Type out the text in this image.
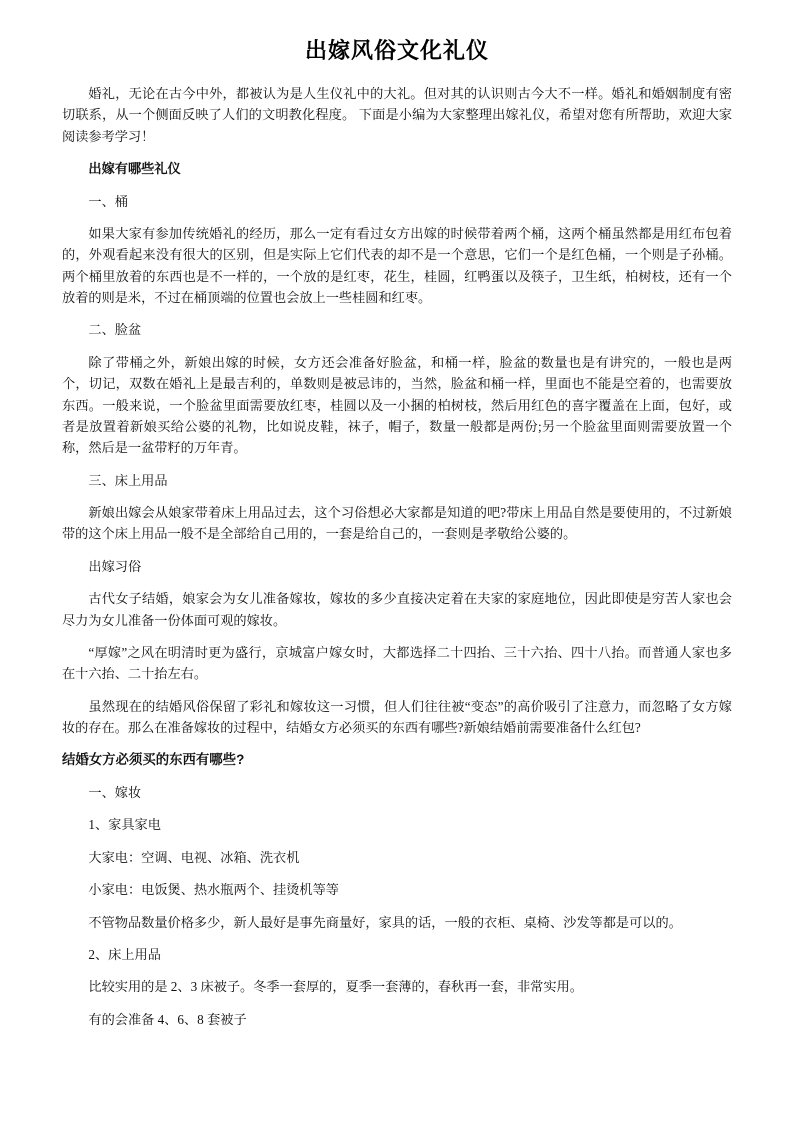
出嫁风俗文化礼仪

婚礼，无论在古今中外，都被认为是人生仪礼中的大礼。但对其的认识则古今大不一样。婚礼和婚姻制度有密切联系，从一个侧面反映了人们的文明教化程度。 下面是小编为大家整理出嫁礼仪，希望对您有所帮助，欢迎大家阅读参考学习！

出嫁有哪些礼仪

一、桶

如果大家有参加传统婚礼的经历，那么一定有看过女方出嫁的时候带着两个桶，这两个桶虽然都是用红布包着的，外观看起来没有很大的区别，但是实际上它们代表的却不是一个意思，它们一个是红色桶，一个则是子孙桶。两个桶里放着的东西也是不一样的，一个放的是红枣，花生，桂圆，红鸭蛋以及筷子，卫生纸，柏树枝，还有一个放着的则是米，不过在桶顶端的位置也会放上一些桂圆和红枣。

二、脸盆

除了带桶之外，新娘出嫁的时候，女方还会准备好脸盆，和桶一样，脸盆的数量也是有讲究的，一般也是两个，切记，双数在婚礼上是最吉利的，单数则是被忌讳的，当然，脸盆和桶一样，里面也不能是空着的，也需要放东西。一般来说，一个脸盆里面需要放红枣，桂圆以及一小捆的柏树枝，然后用红色的喜字覆盖在上面，包好，或者是放置着新娘买给公婆的礼物，比如说皮鞋，袜子，帽子，数量一般都是两份;另一个脸盆里面则需要放置一个称，然后是一盆带籽的万年青。

三、床上用品

新娘出嫁会从娘家带着床上用品过去，这个习俗想必大家都是知道的吧?带床上用品自然是要使用的，不过新娘带的这个床上用品一般不是全部给自己用的，一套是给自己的，一套则是孝敬给公婆的。

出嫁习俗

古代女子结婚，娘家会为女儿准备嫁妆，嫁妆的多少直接决定着在夫家的家庭地位，因此即使是穷苦人家也会尽力为女儿准备一份体面可观的嫁妆。

“厚嫁”之风在明清时更为盛行，京城富户嫁女时，大都选择二十四抬、三十六抬、四十八抬。而普通人家也多在十六抬、二十抬左右。

虽然现在的结婚风俗保留了彩礼和嫁妆这一习惯，但人们往往被“变态”的高价吸引了注意力，而忽略了女方嫁妆的存在。那么在准备嫁妆的过程中，结婚女方必须买的东西有哪些?新娘结婚前需要准备什么红包?

结婚女方必须买的东西有哪些?

一、嫁妆

1、家具家电

大家电：空调、电视、冰箱、洗衣机

小家电：电饭煲、热水瓶两个、挂烫机等等

不管物品数量价格多少，新人最好是事先商量好，家具的话，一般的衣柜、桌椅、沙发等都是可以的。

2、床上用品

比较实用的是 2、3 床被子。冬季一套厚的，夏季一套薄的，春秋再一套，非常实用。

有的会准备 4、6、8 套被子
